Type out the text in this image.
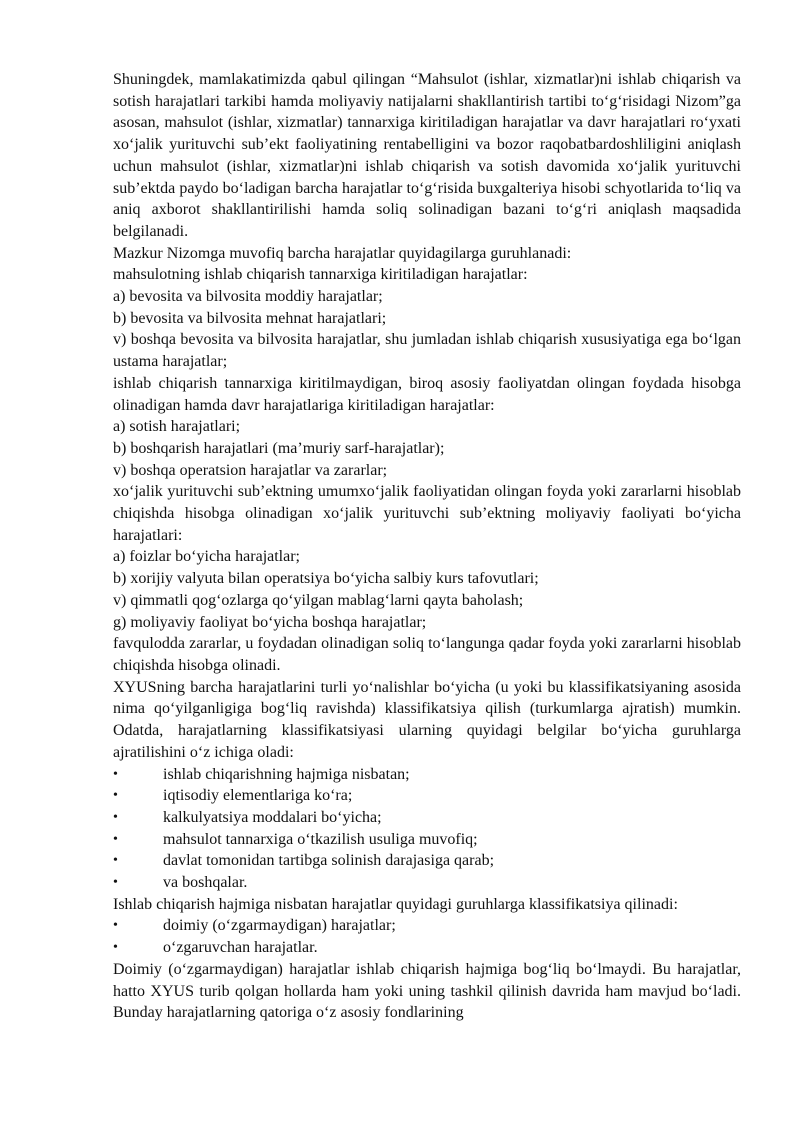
Shuningdek, mamlakatimizda qabul qilingan “Mahsulot (ishlar, xizmatlar)ni ishlab chiqarish va sotish harajatlari tarkibi hamda moliyaviy natijalarni shakllantirish tartibi to‘g‘risidagi Nizom”ga asosan, mahsulot (ishlar, xizmatlar) tannarxiga kiritiladigan harajatlar va davr harajatlari ro‘yxati xo‘jalik yurituvchi sub’ekt faoliyatining rentabelligini va bozor raqobatbardoshliligini aniqlash uchun mahsulot (ishlar, xizmatlar)ni ishlab chiqarish va sotish davomida xo‘jalik yurituvchi sub’ektda paydo bo‘ladigan barcha harajatlar to‘g‘risida buxgalteriya hisobi schyotlarida to‘liq va aniq axborot shakllantirilishi hamda soliq solinadigan bazani to‘g‘ri aniqlash maqsadida belgilanadi.

Mazkur Nizomga muvofiq barcha harajatlar quyidagilarga guruhlanadi:

mahsulotning ishlab chiqarish tannarxiga kiritiladigan harajatlar:

a) bevosita va bilvosita moddiy harajatlar;

b) bevosita va bilvosita mehnat harajatlari;

v) boshqa bevosita va bilvosita harajatlar, shu jumladan ishlab chiqarish xususiyatiga ega bo‘lgan ustama harajatlar;

ishlab chiqarish tannarxiga kiritilmaydigan, biroq asosiy faoliyatdan olingan foydada hisobga olinadigan hamda davr harajatlariga kiritiladigan harajatlar:

a) sotish harajatlari;

b) boshqarish harajatlari (ma’muriy sarf-harajatlar);

v) boshqa operatsion harajatlar va zararlar;

xo‘jalik yurituvchi sub’ektning umumxo‘jalik faoliyatidan olingan foyda yoki zararlarni hisoblab chiqishda hisobga olinadigan xo‘jalik yurituvchi sub’ektning moliyaviy faoliyati bo‘yicha harajatlari:

a) foizlar bo‘yicha harajatlar;

b) xorijiy valyuta bilan operatsiya bo‘yicha salbiy kurs tafovutlari;

v) qimmatli qog‘ozlarga qo‘yilgan mablag‘larni qayta baholash;

g) moliyaviy faoliyat bo‘yicha boshqa harajatlar;

favqulodda zararlar, u foydadan olinadigan soliq to‘langunga qadar foyda yoki zararlarni hisoblab chiqishda hisobga olinadi.

XYUSning barcha harajatlarini turli yo‘nalishlar bo‘yicha (u yoki bu klassifikatsiyaning asosida nima qo‘yilganligiga bog‘liq ravishda) klassifikatsiya qilish (turkumlarga ajratish) mumkin. Odatda, harajatlarning klassifikatsiyasi ularning quyidagi belgilar bo‘yicha guruhlarga ajratilishini o‘z ichiga oladi:

•	ishlab chiqarishning hajmiga nisbatan;
•	iqtisodiy elementlariga ko‘ra;
•	kalkulyatsiya moddalari bo‘yicha;
•	mahsulot tannarxiga o‘tkazilish usuliga muvofiq;
•	davlat tomonidan tartibga solinish darajasiga qarab;
•	va boshqalar.

Ishlab chiqarish hajmiga nisbatan harajatlar quyidagi guruhlarga klassifikatsiya qilinadi:

•	doimiy (o‘zgarmaydigan) harajatlar;
•	o‘zgaruvchan harajatlar.

Doimiy (o‘zgarmaydigan) harajatlar ishlab chiqarish hajmiga bog‘liq bo‘lmaydi. Bu harajatlar, hatto XYUS turib qolgan hollarda ham yoki uning tashkil qilinish davrida ham mavjud bo‘ladi. Bunday harajatlarning qatoriga o‘z asosiy fondlarining
